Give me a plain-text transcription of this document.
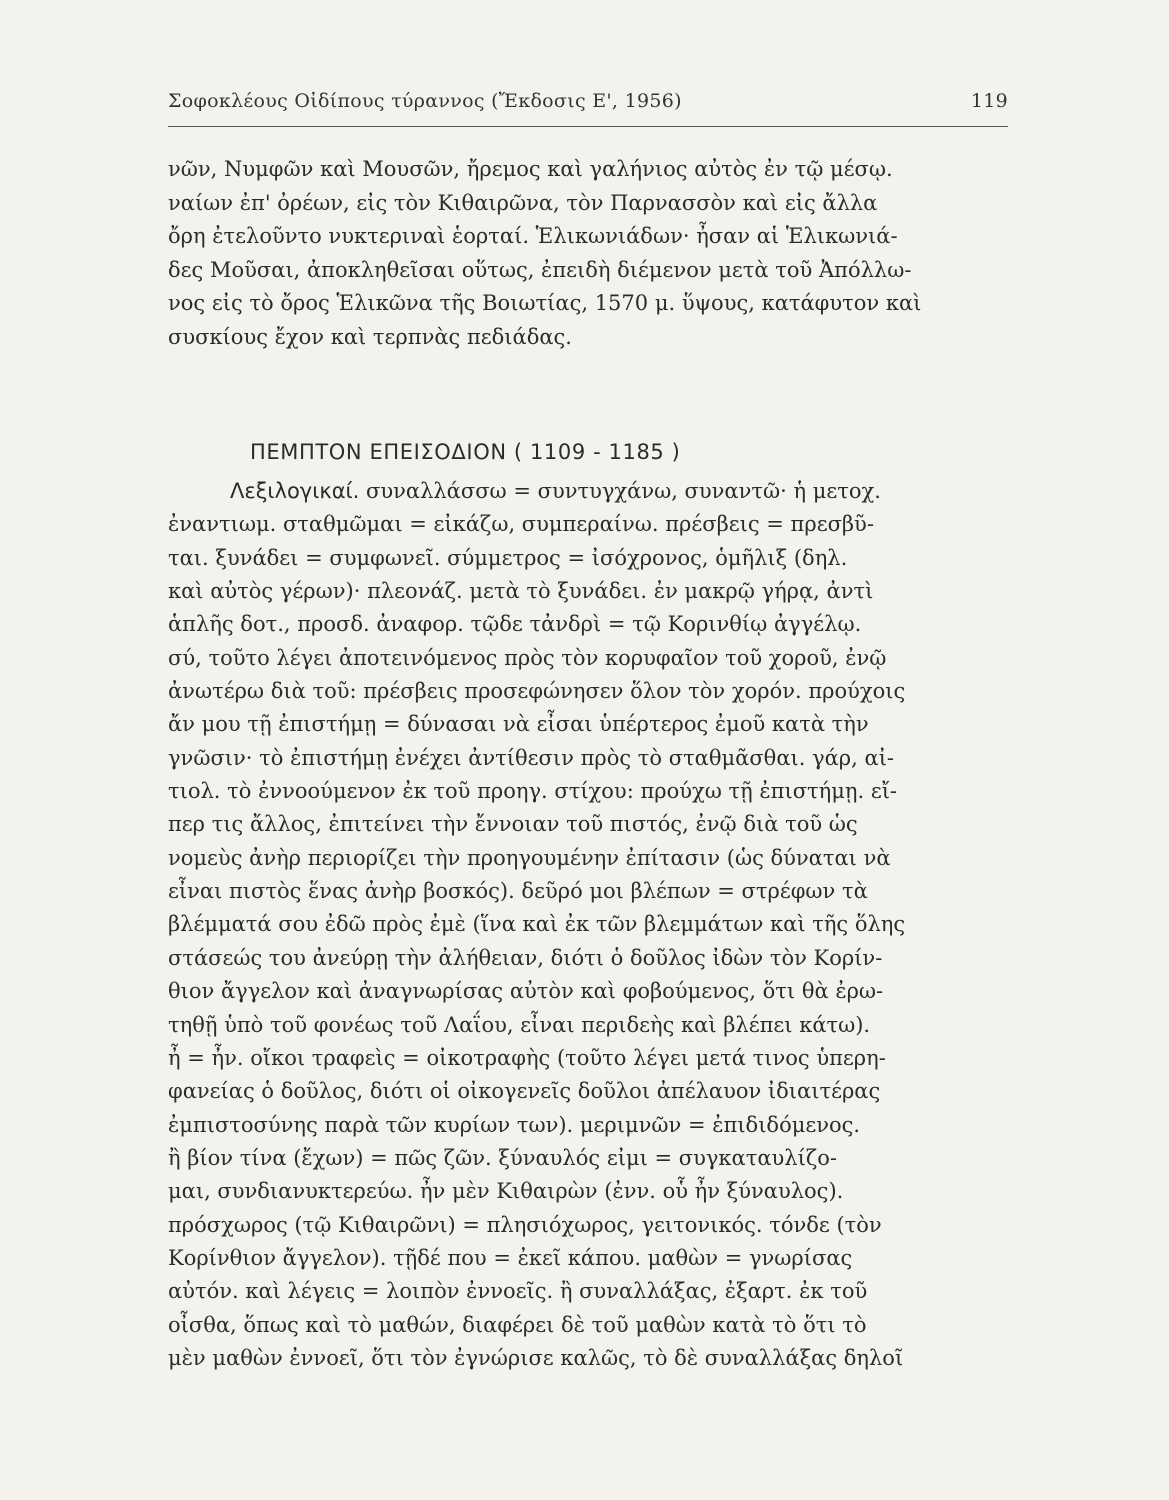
Σοφοκλέους Οἰδίπους τύραννος (Ἔκδοσις Ε', 1956)	119
νῶν, Νυμφῶν καὶ Μουσῶν, ἤρεμος καὶ γαλήνιος αὐτὸς ἐν τῷ μέσῳ.
ναίων ἐπ' ὀρέων, εἰς τὸν Κιθαιρῶνα, τὸν Παρνασσὸν καὶ εἰς ἄλλα
ὄρη ἐτελοῦντο νυκτεριναὶ ἑορταί. Ἑλικωνιάδων· ἦσαν αἱ Ἑλικωνιά-
δες Μοῦσαι, ἀποκληθεῖσαι οὕτως, ἐπειδὴ διέμενον μετὰ τοῦ Ἀπόλλω-
νος εἰς τὸ ὄρος Ἑλικῶνα τῆς Βοιωτίας, 1570 μ. ὕψους, κατάφυτον καὶ
συσκίους ἔχον καὶ τερπνὰς πεδιάδας.
ΠΕΜΠΤΟΝ ΕΠΕΙΣΟΔΙΟΝ ( 1109 - 1185 )
Λεξιλογικαί. συναλλάσσω = συντυγχάνω, συναντῶ· ἡ μετοχ.
ἐναντιωμ. σταθμῶμαι = εἰκάζω, συμπεραίνω. πρέσβεις = πρεσβῦ-
ται. ξυνάδει = συμφωνεῖ. σύμμετρος = ἰσόχρονος, ὁμῆλιξ (δηλ.
καὶ αὐτὸς γέρων)· πλεονάζ. μετὰ τὸ ξυνάδει. ἐν μακρῷ γήρᾳ, ἀντὶ
ἁπλῆς δοτ., προσδ. ἀναφορ. τῷδε τἀνδρὶ = τῷ Κορινθίῳ ἀγγέλῳ.
σύ, τοῦτο λέγει ἀποτεινόμενος πρὸς τὸν κορυφαῖον τοῦ χοροῦ, ἐνῷ
ἀνωτέρω διὰ τοῦ: πρέσβεις προσεφώνησεν ὅλον τὸν χορόν. προύχοις
ἄν μου τῇ ἐπιστήμῃ = δύνασαι νὰ εἶσαι ὑπέρτερος ἐμοῦ κατὰ τὴν
γνῶσιν· τὸ ἐπιστήμῃ ἐνέχει ἀντίθεσιν πρὸς τὸ σταθμᾶσθαι. γάρ, αἰ-
τιολ. τὸ ἐννοούμενον ἐκ τοῦ προηγ. στίχου: προύχω τῇ ἐπιστήμῃ. εἴ-
περ τις ἄλλος, ἐπιτείνει τὴν ἔννοιαν τοῦ πιστός, ἐνῷ διὰ τοῦ ὡς
νομεὺς ἀνὴρ περιορίζει τὴν προηγουμένην ἐπίτασιν (ὡς δύναται νὰ
εἶναι πιστὸς ἕνας ἀνὴρ βοσκός). δεῦρό μοι βλέπων = στρέφων τὰ
βλέμματά σου ἐδῶ πρὸς ἐμὲ (ἵνα καὶ ἐκ τῶν βλεμμάτων καὶ τῆς ὅλης
στάσεώς του ἀνεύρῃ τὴν ἀλήθειαν, διότι ὁ δοῦλος ἰδὼν τὸν Κορίν-
θιον ἄγγελον καὶ ἀναγνωρίσας αὐτὸν καὶ φοβούμενος, ὅτι θὰ ἐρω-
τηθῇ ὑπὸ τοῦ φονέως τοῦ Λαΐου, εἶναι περιδεὴς καὶ βλέπει κάτω).
ἦ = ἦν. οἴκοι τραφεὶς = οἰκοτραφὴς (τοῦτο λέγει μετά τινος ὑπερη-
φανείας ὁ δοῦλος, διότι οἱ οἰκογενεῖς δοῦλοι ἀπέλαυον ἰδιαιτέρας
ἐμπιστοσύνης παρὰ τῶν κυρίων των). μεριμνῶν = ἐπιδιδόμενος.
ἢ βίον τίνα (ἔχων) = πῶς ζῶν. ξύναυλός εἰμι = συγκαταυλίζο-
μαι, συνδιανυκτερεύω. ἦν μὲν Κιθαιρὼν (ἐνν. οὗ ἦν ξύναυλος).
πρόσχωρος (τῷ Κιθαιρῶνι) = πλησιόχωρος, γειτονικός. τόνδε (τὸν
Κορίνθιον ἄγγελον). τῇδέ που = ἐκεῖ κάπου. μαθὼν = γνωρίσας
αὐτόν. καὶ λέγεις = λοιπὸν ἐννοεῖς. ἢ συναλλάξας, ἐξαρτ. ἐκ τοῦ
οἶσθα, ὅπως καὶ τὸ μαθών, διαφέρει δὲ τοῦ μαθὼν κατὰ τὸ ὅτι τὸ
μὲν μαθὼν ἐννοεῖ, ὅτι τὸν ἐγνώρισε καλῶς, τὸ δὲ συναλλάξας δηλοῖ
